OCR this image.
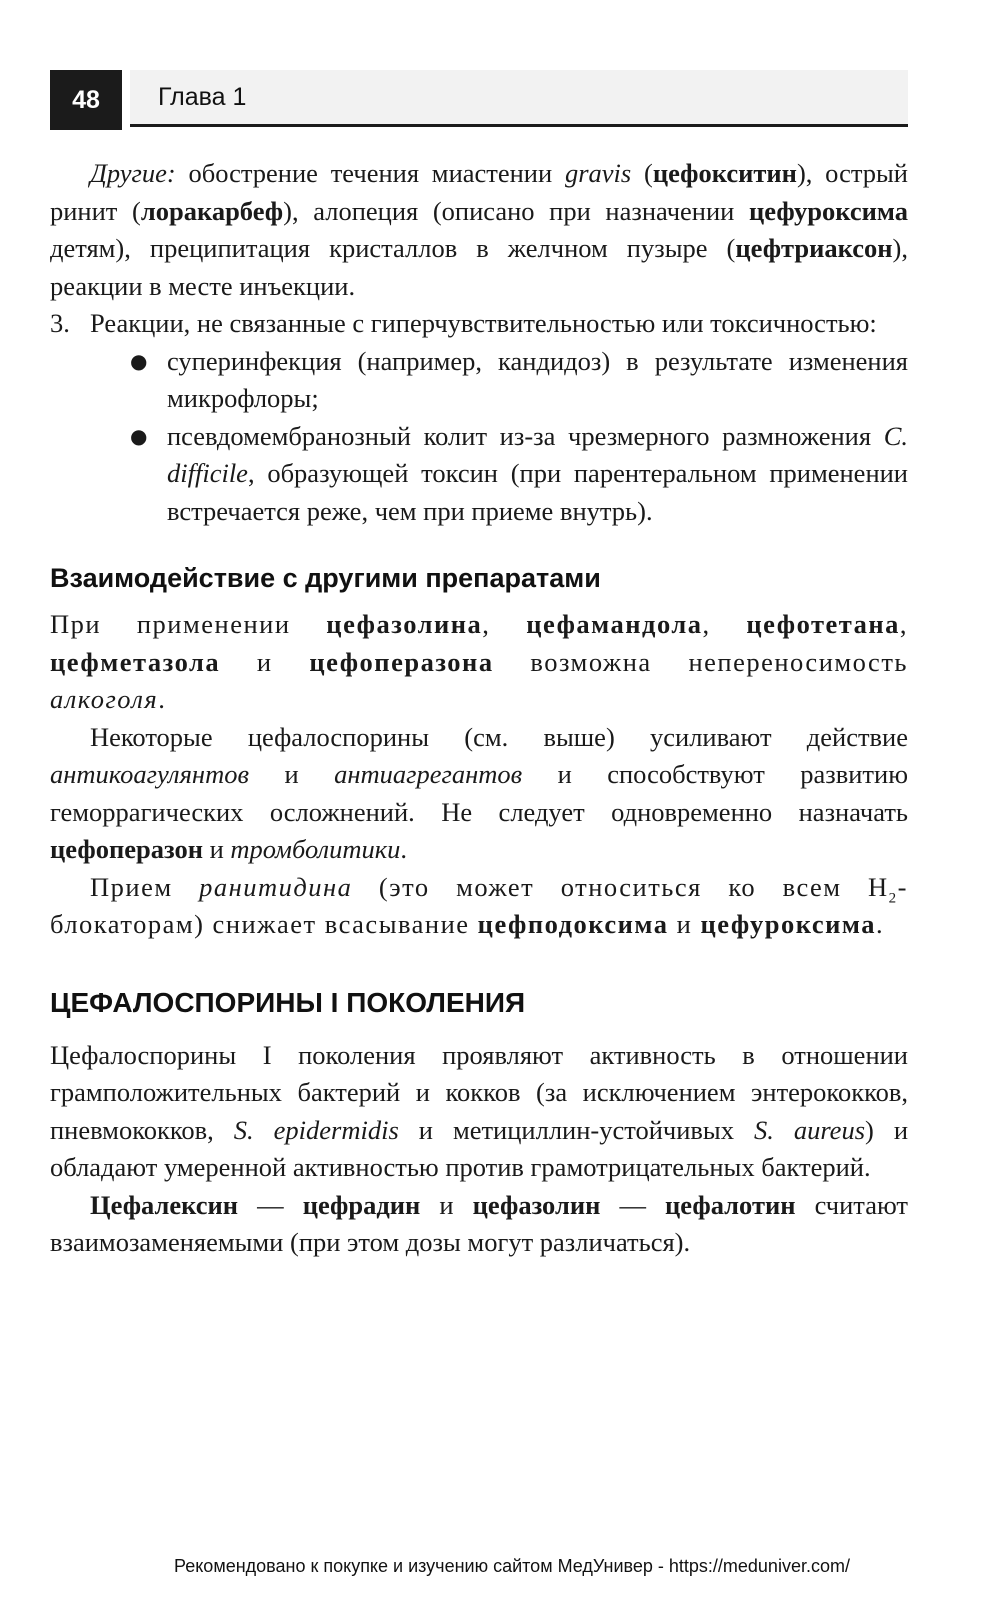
48	Глава 1

Другие: обострение течения миастении gravis (цефокситин), острый ринит (лоракарбеф), алопеция (описано при назначении цефуроксима детям), преципитация кристаллов в желчном пузыре (цефтриаксон), реакции в месте инъекции.

3. Реакции, не связанные с гиперчувствительностью или токсичностью:

● суперинфекция (например, кандидоз) в результате изменения микрофлоры;
● псевдомембранозный колит из-за чрезмерного размножения C. difficile, образующей токсин (при парентеральном применении встречается реже, чем при приеме внутрь).
Взаимодействие с другими препаратами

При применении цефазолина, цефамандола, цефотетана, цефметазола и цефоперазона возможна непереносимость алкоголя.

Некоторые цефалоспорины (см. выше) усиливают действие антикоагулянтов и антиагрегантов и способствуют развитию геморрагических осложнений. Не следует одновременно назначать цефоперазон и тромболитики.

Прием ранитидина (это может относиться ко всем $H_2-блокаторам$) снижает всасывание цефподоксима и цефуроксима.

ЦЕФАЛОСПОРИНЫ I ПОКОЛЕНИЯ

Цефалоспорины I поколения проявляют активность в отношении грамположительных бактерий и кокков (за исключением энтерококков, пневмококков, S. epidermidis и метициллин-устойчивых S. aureus) и обладают умеренной активностью против грамотрицательных бактерий.

Цефалексин — цефрадин и цефазолин — цефалотин считают взаимозаменяемыми (при этом дозы могут различаться).

Рекомендовано к покупке и изучению сайтом МедУнивер - https://meduniver.com/
